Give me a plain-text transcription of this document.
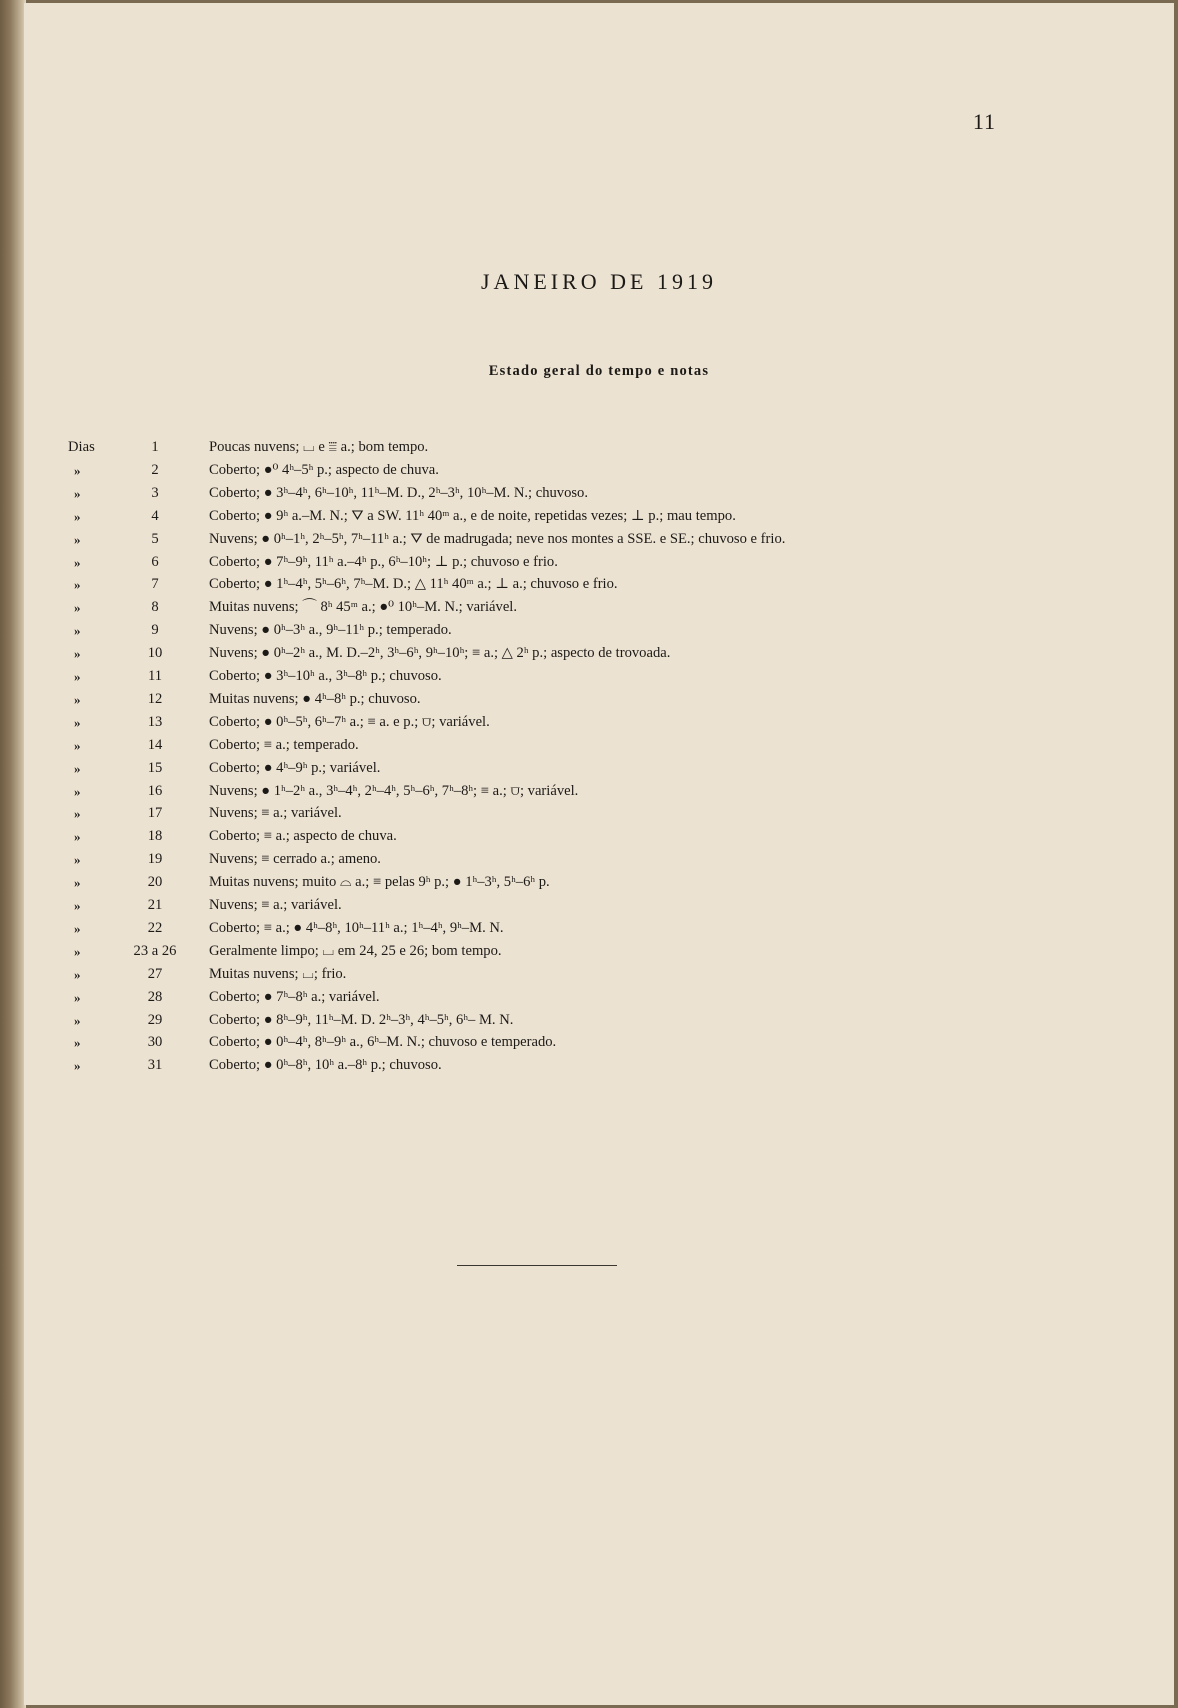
11
JANEIRO DE 1919
Estado geral do tempo e notas
Dias	1	Poucas nuvens; ⌴ e ⩸ a.; bom tempo.
»	2	Coberto; ●⁰ 4ʰ–5ʰ p.; aspecto de chuva.
»	3	Coberto; ● 3ʰ–4ʰ, 6ʰ–10ʰ, 11ʰ–M. D., 2ʰ–3ʰ, 10ʰ–M. N.; chuvoso.
»	4	Coberto; ● 9ʰ a.–M. N.; ⛛ a SW. 11ʰ 40ᵐ a., e de noite, repetidas vezes; ⊥ p.; mau tempo.
»	5	Nuvens; ● 0ʰ–1ʰ, 2ʰ–5ʰ, 7ʰ–11ʰ a.; ⛛ de madrugada; neve nos montes a SSE. e SE.; chuvoso e frio.
»	6	Coberto; ● 7ʰ–9ʰ, 11ʰ a.–4ʰ p., 6ʰ–10ʰ; ⊥ p.; chuvoso e frio.
»	7	Coberto; ● 1ʰ–4ʰ, 5ʰ–6ʰ, 7ʰ–M. D.; △ 11ʰ 40ᵐ a.; ⊥ a.; chuvoso e frio.
»	8	Muitas nuvens; ⌒ 8ʰ 45ᵐ a.; ●⁰ 10ʰ–M. N.; variável.
»	9	Nuvens; ● 0ʰ–3ʰ a., 9ʰ–11ʰ p.; temperado.
»	10	Nuvens; ● 0ʰ–2ʰ a., M. D.–2ʰ, 3ʰ–6ʰ, 9ʰ–10ʰ; ≡ a.; △ 2ʰ p.; aspecto de trovoada.
»	11	Coberto; ● 3ʰ–10ʰ a., 3ʰ–8ʰ p.; chuvoso.
»	12	Muitas nuvens; ● 4ʰ–8ʰ p.; chuvoso.
»	13	Coberto; ● 0ʰ–5ʰ, 6ʰ–7ʰ a.; ≡ a. e p.; ⩌; variável.
»	14	Coberto; ≡ a.; temperado.
»	15	Coberto; ● 4ʰ–9ʰ p.; variável.
»	16	Nuvens; ● 1ʰ–2ʰ a., 3ʰ–4ʰ, 2ʰ–4ʰ, 5ʰ–6ʰ, 7ʰ–8ʰ; ≡ a.; ⩌; variável.
»	17	Nuvens; ≡ a.; variável.
»	18	Coberto; ≡ a.; aspecto de chuva.
»	19	Nuvens; ≡ cerrado a.; ameno.
»	20	Muitas nuvens; muito ⌓ a.; ≡ pelas 9ʰ p.; ● 1ʰ–3ʰ, 5ʰ–6ʰ p.
»	21	Nuvens; ≡ a.; variável.
»	22	Coberto; ≡ a.; ● 4ʰ–8ʰ, 10ʰ–11ʰ a.; 1ʰ–4ʰ, 9ʰ–M. N.
»	23 a 26	Geralmente limpo; ⌴ em 24, 25 e 26; bom tempo.
»	27	Muitas nuvens; ⌴; frio.
»	28	Coberto; ● 7ʰ–8ʰ a.; variável.
»	29	Coberto; ● 8ʰ–9ʰ, 11ʰ–M. D. 2ʰ–3ʰ, 4ʰ–5ʰ, 6ʰ– M. N.
»	30	Coberto; ● 0ʰ–4ʰ, 8ʰ–9ʰ a., 6ʰ–M. N.; chuvoso e temperado.
»	31	Coberto; ● 0ʰ–8ʰ, 10ʰ a.–8ʰ p.; chuvoso.
